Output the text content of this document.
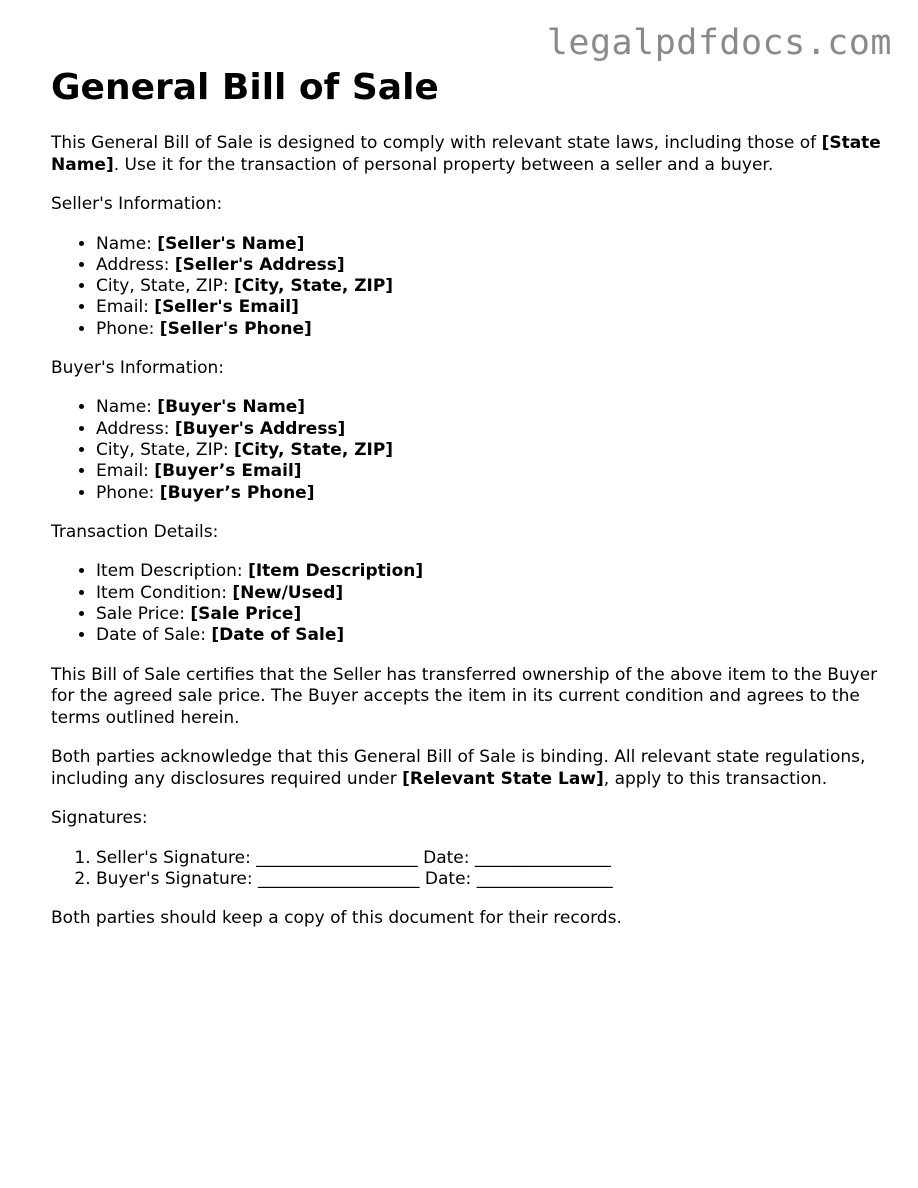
legalpdfdocs.com
General Bill of Sale

This General Bill of Sale is designed to comply with relevant state laws, including those of [State Name]. Use it for the transaction of personal property between a seller and a buyer.

Seller's Information:

• Name: [Seller's Name]
• Address: [Seller's Address]
• City, State, ZIP: [City, State, ZIP]
• Email: [Seller's Email]
• Phone: [Seller's Phone]

Buyer's Information:

• Name: [Buyer's Name]
• Address: [Buyer's Address]
• City, State, ZIP: [City, State, ZIP]
• Email: [Buyer’s Email]
• Phone: [Buyer’s Phone]

Transaction Details:

• Item Description: [Item Description]
• Item Condition: [New/Used]
• Sale Price: [Sale Price]
• Date of Sale: [Date of Sale]

This Bill of Sale certifies that the Seller has transferred ownership of the above item to the Buyer for the agreed sale price. The Buyer accepts the item in its current condition and agrees to the terms outlined herein.

Both parties acknowledge that this General Bill of Sale is binding. All relevant state regulations, including any disclosures required under [Relevant State Law], apply to this transaction.

Signatures:

1. Seller's Signature: ___________________ Date: ________________
2. Buyer's Signature: ___________________ Date: ________________

Both parties should keep a copy of this document for their records.
